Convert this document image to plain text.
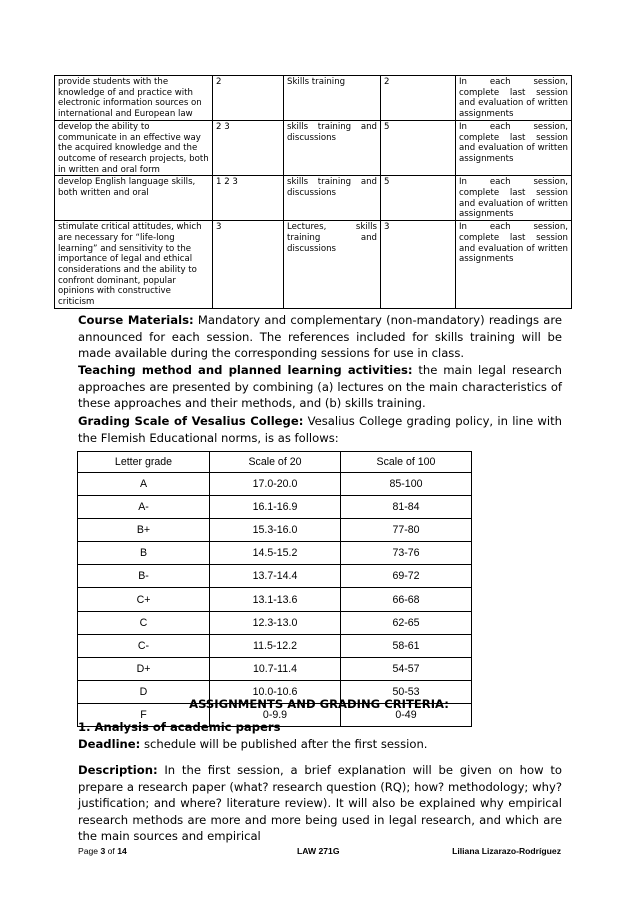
provide students with the knowledge of and practice with electronic information sources on international and European law	2	Skills training	2	In each session, complete last session and evaluation of written assignments
develop the ability to communicate in an effective way the acquired knowledge and the outcome of research projects, both in written and oral form	2 3	skills training and discussions	5	In each session, complete last session and evaluation of written assignments
develop English language skills, both written and oral	1 2 3	skills training and discussions	5	In each session, complete last session and evaluation of written assignments
stimulate critical attitudes, which are necessary for “life-long learning” and sensitivity to the importance of legal and ethical considerations and the ability to confront dominant, popular opinions with constructive criticism	3	Lectures, skills training and discussions	3	In each session, complete last session and evaluation of written assignments
Course Materials: Mandatory and complementary (non-mandatory) readings are announced for each session. The references included for skills training will be made available during the corresponding sessions for use in class.
Teaching method and planned learning activities: the main legal research approaches are presented by combining (a) lectures on the main characteristics of these approaches and their methods, and (b) skills training.
Grading Scale of Vesalius College: Vesalius College grading policy, in line with the Flemish Educational norms, is as follows:
Letter grade	Scale of 20	Scale of 100
A	17.0-20.0	85-100
A-	16.1-16.9	81-84
B+	15.3-16.0	77-80
B	14.5-15.2	73-76
B-	13.7-14.4	69-72
C+	13.1-13.6	66-68
C	12.3-13.0	62-65
C-	11.5-12.2	58-61
D+	10.7-11.4	54-57
D	10.0-10.6	50-53
F	0-9.9	0-49
ASSIGNMENTS AND GRADING CRITERIA:
1. Analysis of academic papers
Deadline: schedule will be published after the first session.
Description: In the first session, a brief explanation will be given on how to prepare a research paper (what? research question (RQ); how? methodology; why? justification; and where? literature review). It will also be explained why empirical research methods are more and more being used in legal research, and which are the main sources and empirical
Page 3 of 14	LAW 271G	Liliana Lizarazo-Rodríguez
